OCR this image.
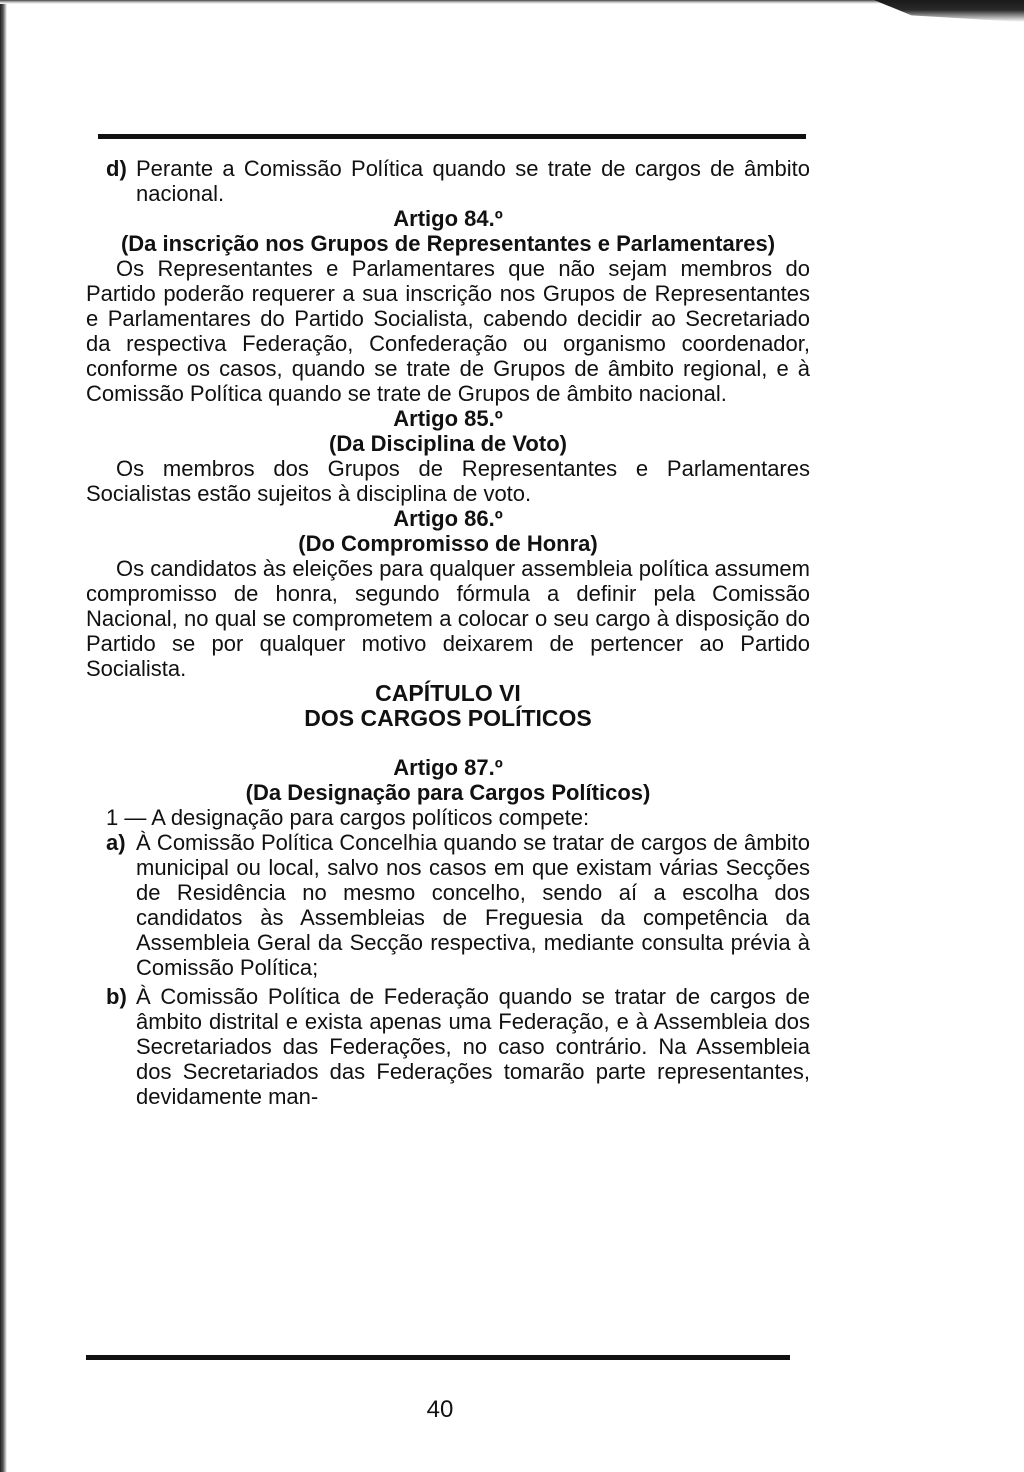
d) Perante a Comissão Política quando se trate de cargos de âmbito nacional.

Artigo 84.º

(Da inscrição nos Grupos de Representantes e Parlamentares)

Os Representantes e Parlamentares que não sejam membros do Partido poderão requerer a sua inscrição nos Grupos de Representantes e Parlamentares do Partido Socialista, cabendo decidir ao Secretariado da respectiva Federação, Confederação ou organismo coordenador, conforme os casos, quando se trate de Grupos de âmbito regional, e à Comissão Política quando se trate de Grupos de âmbito nacional.

Artigo 85.º

(Da Disciplina de Voto)

Os membros dos Grupos de Representantes e Parlamentares Socialistas estão sujeitos à disciplina de voto.

Artigo 86.º

(Do Compromisso de Honra)

Os candidatos às eleições para qualquer assembleia política assumem compromisso de honra, segundo fórmula a definir pela Comissão Nacional, no qual se comprometem a colocar o seu cargo à disposição do Partido se por qualquer motivo deixarem de pertencer ao Partido Socialista.

CAPÍTULO VI

DOS CARGOS POLÍTICOS

Artigo 87.º

(Da Designação para Cargos Políticos)

1 — A designação para cargos políticos compete:

a) À Comissão Política Concelhia quando se tratar de cargos de âmbito municipal ou local, salvo nos casos em que existam várias Secções de Residência no mesmo concelho, sendo aí a escolha dos candidatos às Assembleias de Freguesia da competência da Assembleia Geral da Secção respectiva, mediante consulta prévia à Comissão Política;
b) À Comissão Política de Federação quando se tratar de cargos de âmbito distrital e exista apenas uma Federação, e à Assembleia dos Secretariados das Federações, no caso contrário. Na Assembleia dos Secretariados das Federações tomarão parte representantes, devidamente man-
40
